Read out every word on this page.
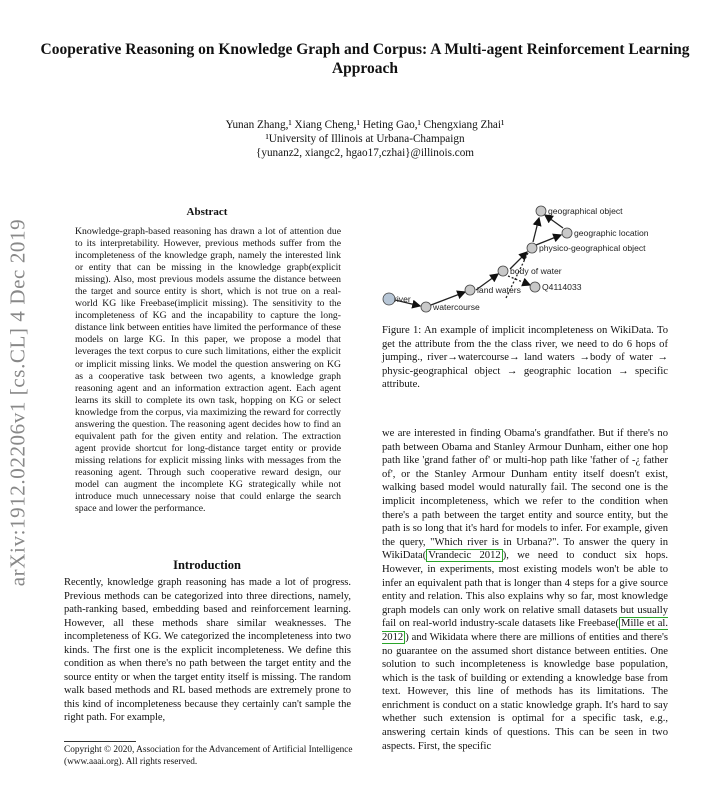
Cooperative Reasoning on Knowledge Graph and Corpus: A Multi-agent Reinforcement Learning Approach
Yunan Zhang,¹ Xiang Cheng,¹ Heting Gao,¹ Chengxiang Zhai¹
¹University of Illinois at Urbana-Champaign
{yunanz2, xiangc2, hgao17,czhai}@illinois.com
arXiv:1912.02206v1 [cs.CL] 4 Dec 2019
Abstract
Knowledge-graph-based reasoning has drawn a lot of attention due to its interpretability. However, previous methods suffer from the incompleteness of the knowledge graph, namely the interested link or entity that can be missing in the knowledge grapb(explicit missing). Also, most previous models assume the distance between the target and source entity is short, which is not true on a real-world KG like Freebase(implicit missing). The sensitivity to the incompleteness of KG and the incapability to capture the long-distance link between entities have limited the performance of these models on large KG. In this paper, we propose a model that leverages the text corpus to cure such limitations, either the explicit or implicit missing links. We model the question answering on KG as a cooperative task between two agents, a knowledge graph reasoning agent and an information extraction agent. Each agent learns its skill to complete its own task, hopping on KG or select knowledge from the corpus, via maximizing the reward for correctly answering the question. The reasoning agent decides how to find an equivalent path for the given entity and relation. The extraction agent provide shortcut for long-distance target entity or provide missing relations for explicit missing links with messages from the reasoning agent. Through such cooperative reward design, our model can augment the incomplete KG strategically while not introduce much unnecessary noise that could enlarge the search space and lower the performance.
Introduction
Recently, knowledge graph reasoning has made a lot of progress. Previous methods can be categorized into three directions, namely, path-ranking based, embedding based and reinforcement learning. However, all these methods share similar weaknesses. The incompleteness of KG. We categorized the incompleteness into two kinds. The first one is the explicit incompleteness. We define this condition as when there's no path between the target entity and the source entity or when the target entity itself is missing. The random walk based methods and RL based methods are extremely prone to this kind of incompleteness because they certainly can't sample the right path. For example,
Copyright © 2020, Association for the Advancement of Artificial Intelligence (www.aaai.org). All rights reserved.
river
watercourse
land waters
body of water
Q4114033
physico-geographical object
geographic location
geographical object
Figure 1: An example of implicit incompleteness on WikiData. To get the attribute from the the class river, we need to do 6 hops of jumping., river→watercourse→ land waters →body of water → physic-geographical object → geographic location → specific attribute.
we are interested in finding Obama's grandfather. But if there's no path between Obama and Stanley Armour Dunham, either one hop path like 'grand father of' or multi-hop path like 'father of -¿ father of', or the Stanley Armour Dunham entity itself doesn't exist, walking based model would naturally fail. The second one is the implicit incompleteness, which we refer to the condition when there's a path between the target entity and source entity, but the path is so long that it's hard for models to infer. For example, given the query, "Which river is in Urbana?". To answer the query in WikiData( Vrandecic 2012 ), we need to conduct six hops. However, in experiments, most existing models won't be able to infer an equivalent path that is longer than 4 steps for a give source entity and relation. This also explains why so far, most knowledge graph models can only work on relative small datasets but usually fail on real-world industry-scale datasets like Freebase( Mille et al. 2012 ) and Wikidata where there are millions of entities and there's no guarantee on the assumed short distance between entities. One solution to such incompleteness is knowledge base population, which is the task of building or extending a knowledge base from text. However, this line of methods has its limitations. The enrichment is conduct on a static knowledge graph. It's hard to say whether such extension is optimal for a specific task, e.g., answering certain kinds of questions. This can be seen in two aspects. First, the specific
